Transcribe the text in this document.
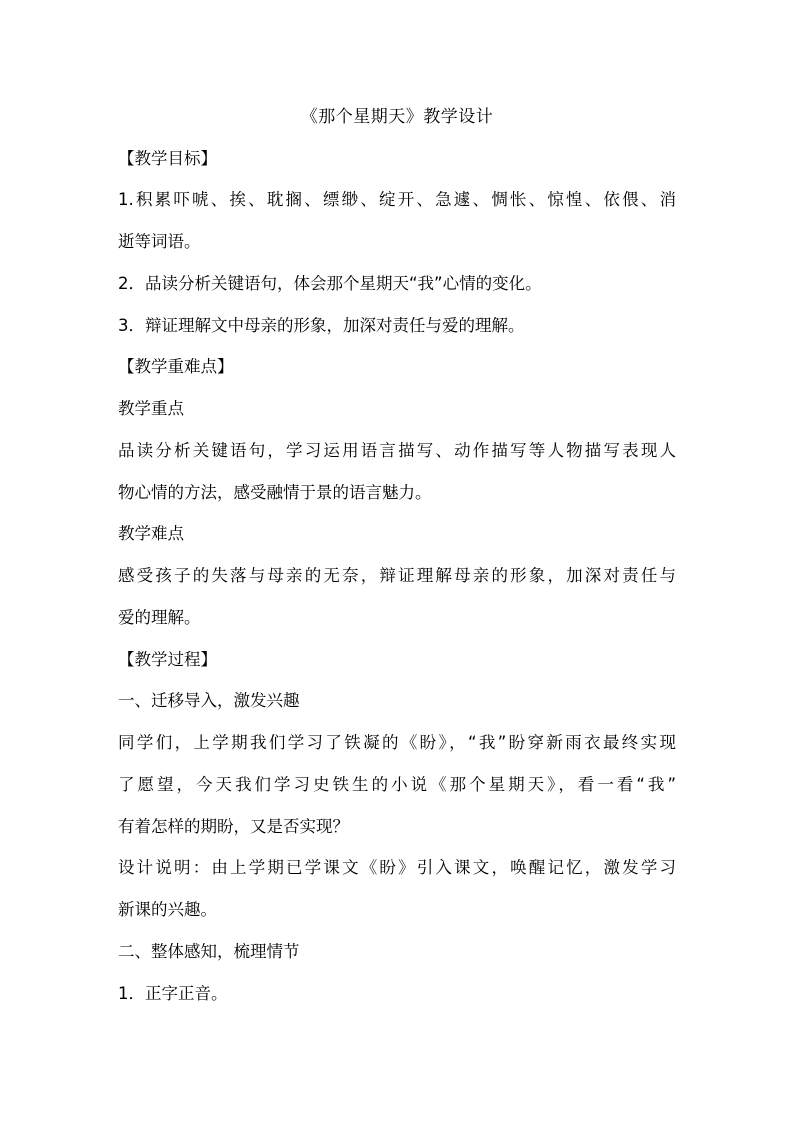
《那个星期天》教学设计
【教学目标】
1.积累吓唬、挨、耽搁、缥缈、绽开、急遽、惆怅、惊惶、依偎、消
逝等词语。
2．品读分析关键语句，体会那个星期天“我”心情的变化。
3．辩证理解文中母亲的形象，加深对责任与爱的理解。
【教学重难点】
教学重点
品读分析关键语句，学习运用语言描写、动作描写等人物描写表现人
物心情的方法，感受融情于景的语言魅力。
教学难点
感受孩子的失落与母亲的无奈，辩证理解母亲的形象，加深对责任与
爱的理解。
【教学过程】
一、迁移导入，激发兴趣
同学们，上学期我们学习了铁凝的《盼》，“我”盼穿新雨衣最终实现
了愿望，今天我们学习史铁生的小说《那个星期天》，看一看“我”
有着怎样的期盼，又是否实现？
设计说明：由上学期已学课文《盼》引入课文，唤醒记忆，激发学习
新课的兴趣。
二、整体感知，梳理情节
1．正字正音。
